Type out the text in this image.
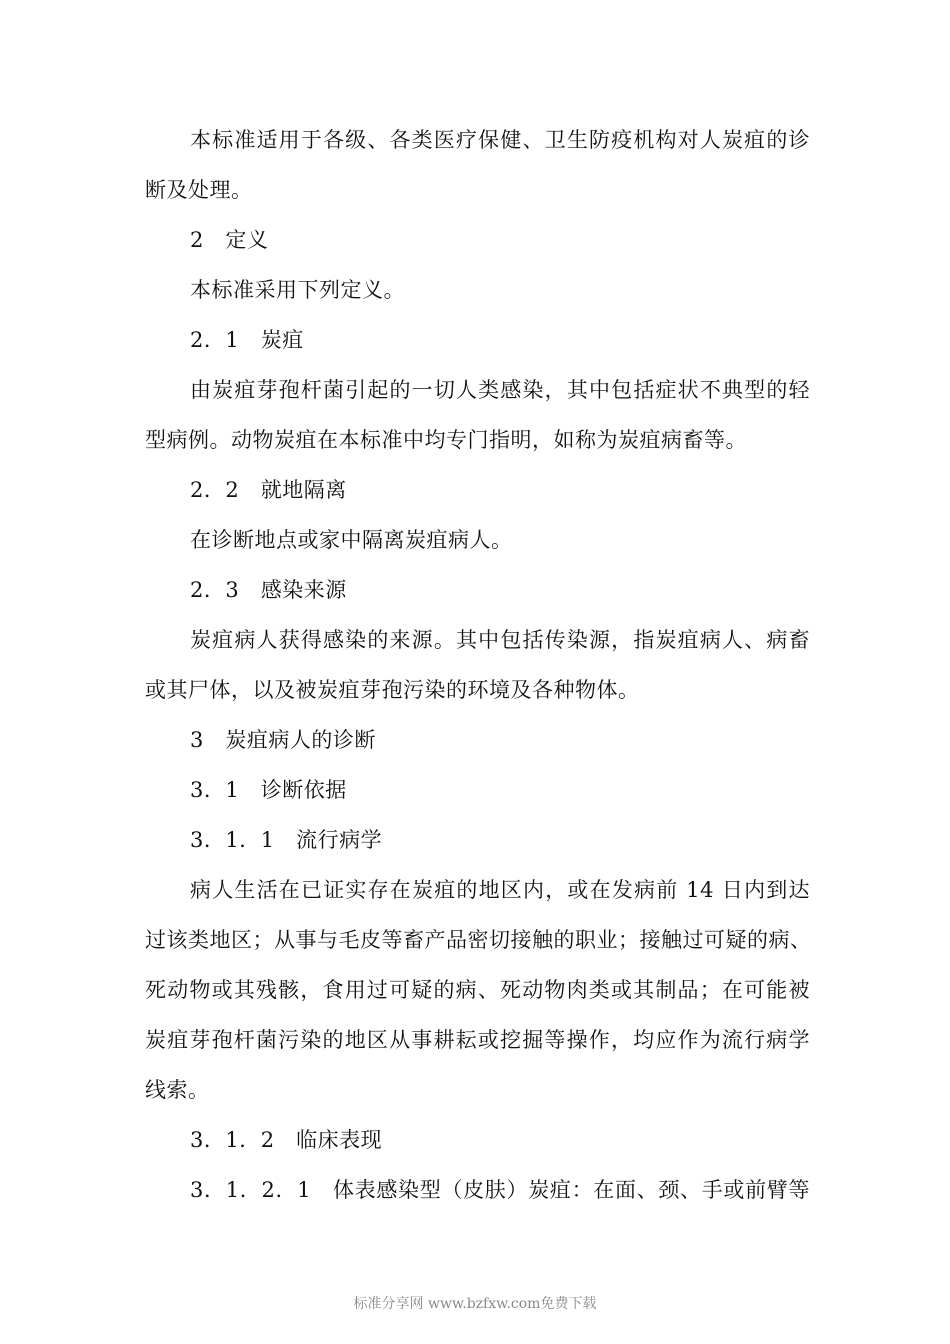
本标准适用于各级、各类医疗保健、卫生防疫机构对人炭疽的诊
断及处理。
2　定义
本标准采用下列定义。
2．1　炭疽
由炭疽芽孢杆菌引起的一切人类感染，其中包括症状不典型的轻
型病例。动物炭疽在本标准中均专门指明，如称为炭疽病畜等。
2．2　就地隔离
在诊断地点或家中隔离炭疽病人。
2．3　感染来源
炭疽病人获得感染的来源。其中包括传染源，指炭疽病人、病畜
或其尸体，以及被炭疽芽孢污染的环境及各种物体。
3　炭疽病人的诊断
3．1　诊断依据
3．1．1　流行病学
病人生活在已证实存在炭疽的地区内，或在发病前 14 日内到达
过该类地区；从事与毛皮等畜产品密切接触的职业；接触过可疑的病、
死动物或其残骸，食用过可疑的病、死动物肉类或其制品；在可能被
炭疽芽孢杆菌污染的地区从事耕耘或挖掘等操作，均应作为流行病学
线索。
3．1．2　临床表现
3．1．2．1　体表感染型（皮肤）炭疽：在面、颈、手或前臂等
标准分享网 www.bzfxw.com免费下载
